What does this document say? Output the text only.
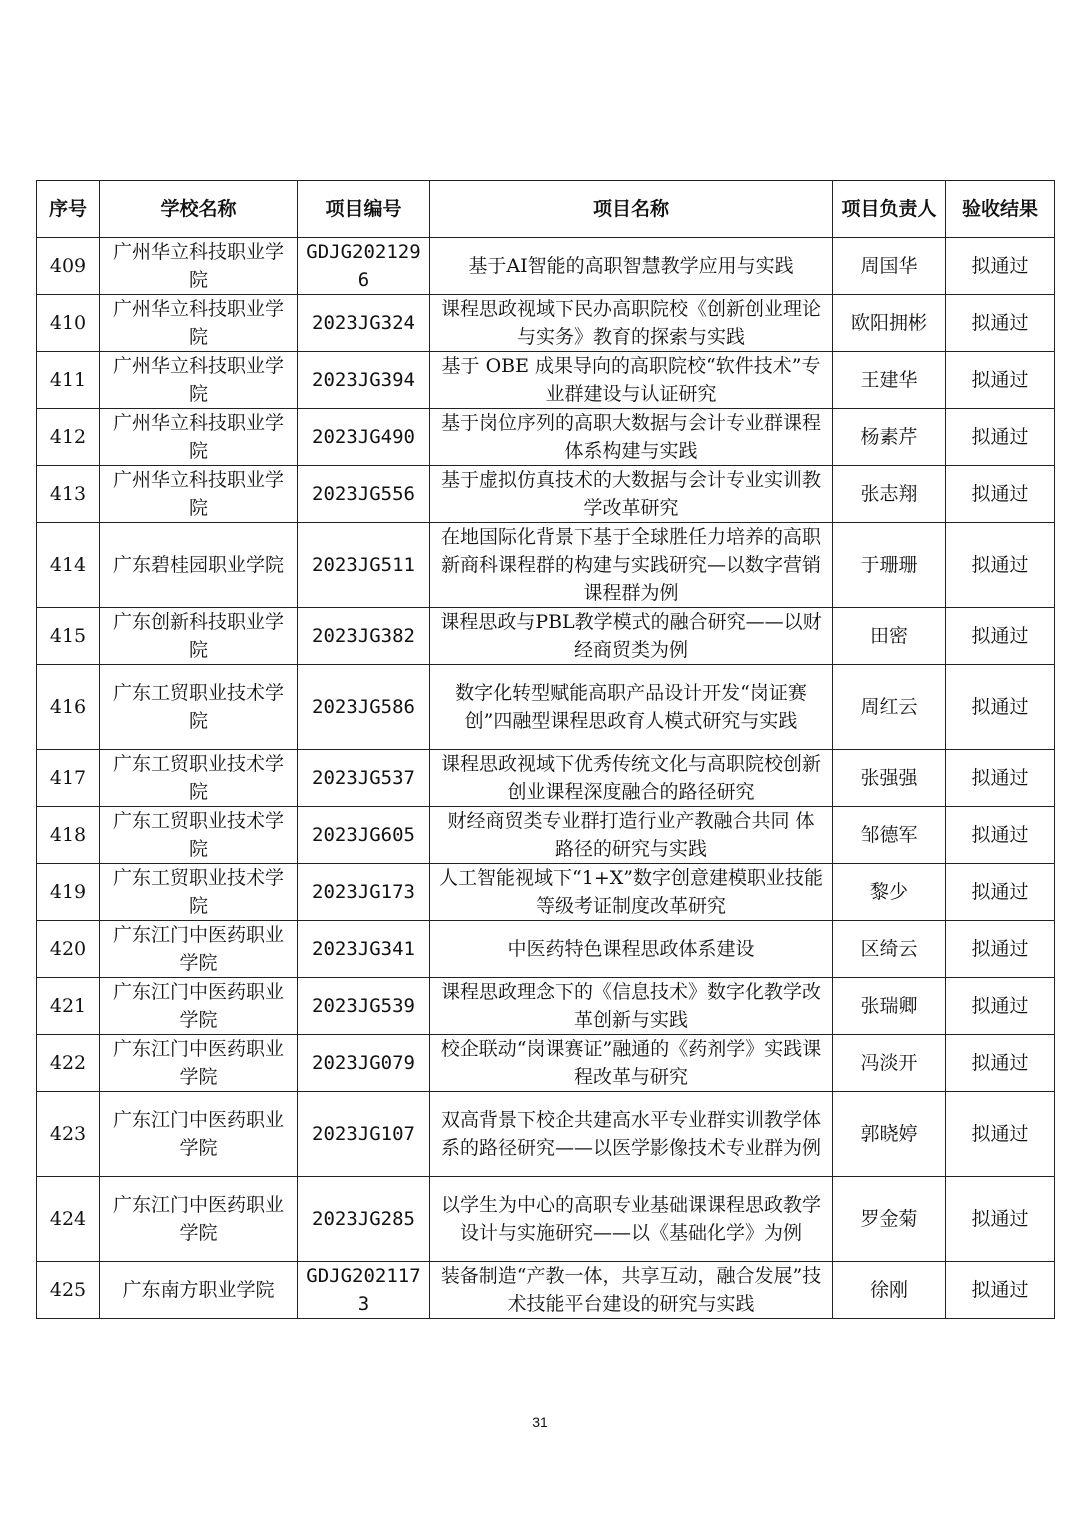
序号	学校名称	项目编号	项目名称	项目负责人	验收结果
409	广州华立科技职业学院	GDJG2021296	基于AI智能的高职智慧教学应用与实践	周国华	拟通过
410	广州华立科技职业学院	2023JG324	课程思政视域下民办高职院校《创新创业理论与实务》教育的探索与实践	欧阳拥彬	拟通过
411	广州华立科技职业学院	2023JG394	基于 OBE 成果导向的高职院校“软件技术”专业群建设与认证研究	王建华	拟通过
412	广州华立科技职业学院	2023JG490	基于岗位序列的高职大数据与会计专业群课程体系构建与实践	杨素芹	拟通过
413	广州华立科技职业学院	2023JG556	基于虚拟仿真技术的大数据与会计专业实训教学改革研究	张志翔	拟通过
414	广东碧桂园职业学院	2023JG511	在地国际化背景下基于全球胜任力培养的高职新商科课程群的构建与实践研究—以数字营销课程群为例	于珊珊	拟通过
415	广东创新科技职业学院	2023JG382	课程思政与PBL教学模式的融合研究——以财经商贸类为例	田密	拟通过
416	广东工贸职业技术学院	2023JG586	数字化转型赋能高职产品设计开发“岗证赛创”四融型课程思政育人模式研究与实践	周红云	拟通过
417	广东工贸职业技术学院	2023JG537	课程思政视域下优秀传统文化与高职院校创新创业课程深度融合的路径研究	张强强	拟通过
418	广东工贸职业技术学院	2023JG605	财经商贸类专业群打造行业产教融合共同 体路径的研究与实践	邹德军	拟通过
419	广东工贸职业技术学院	2023JG173	人工智能视域下“1+X”数字创意建模职业技能等级考证制度改革研究	黎少	拟通过
420	广东江门中医药职业学院	2023JG341	中医药特色课程思政体系建设	区绮云	拟通过
421	广东江门中医药职业学院	2023JG539	课程思政理念下的《信息技术》数字化教学改革创新与实践	张瑞卿	拟通过
422	广东江门中医药职业学院	2023JG079	校企联动“岗课赛证”融通的《药剂学》实践课程改革与研究	冯淡开	拟通过
423	广东江门中医药职业学院	2023JG107	双高背景下校企共建高水平专业群实训教学体系的路径研究——以医学影像技术专业群为例	郭晓婷	拟通过
424	广东江门中医药职业学院	2023JG285	以学生为中心的高职专业基础课课程思政教学设计与实施研究——以《基础化学》为例	罗金菊	拟通过
425	广东南方职业学院	GDJG2021173	装备制造“产教一体，共享互动，融合发展”技术技能平台建设的研究与实践	徐刚	拟通过
31
